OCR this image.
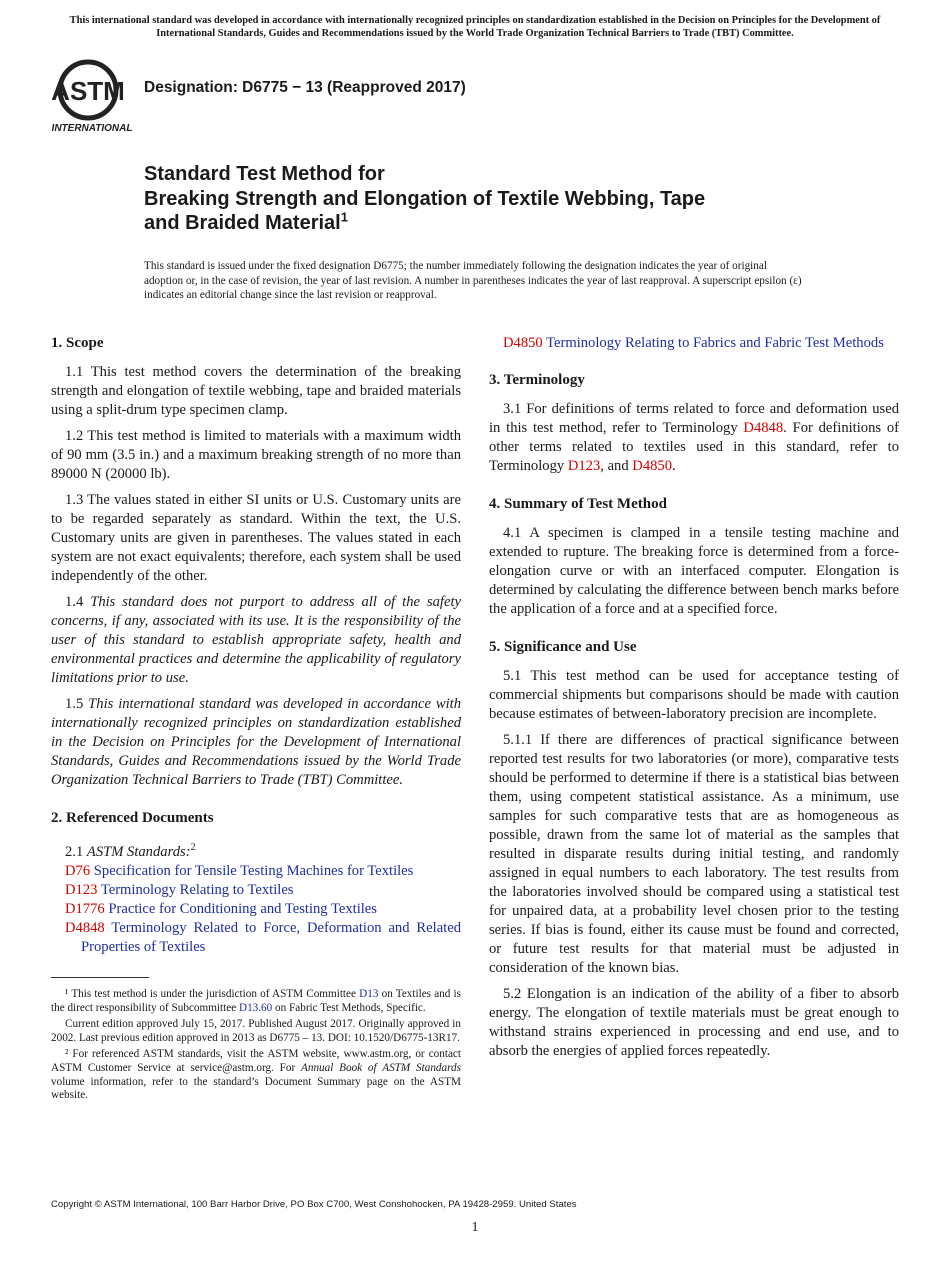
This international standard was developed in accordance with internationally recognized principles on standardization established in the Decision on Principles for the Development of International Standards, Guides and Recommendations issued by the World Trade Organization Technical Barriers to Trade (TBT) Committee.
ASTM
INTERNATIONAL
Designation: D6775 − 13 (Reapproved 2017)
Standard Test Method for
Breaking Strength and Elongation of Textile Webbing, Tape
and Braided Material$^1$
This standard is issued under the fixed designation D6775; the number immediately following the designation indicates the year of original adoption or, in the case of revision, the year of last revision. A number in parentheses indicates the year of last reapproval. A superscript epsilon (ε) indicates an editorial change since the last revision or reapproval.
1. Scope

1.1 This test method covers the determination of the breaking strength and elongation of textile webbing, tape and braided materials using a split-drum type specimen clamp.

1.2 This test method is limited to materials with a maximum width of 90 mm (3.5 in.) and a maximum breaking strength of no more than 89000 N (20000 lb).

1.3 The values stated in either SI units or U.S. Customary units are to be regarded separately as standard. Within the text, the U.S. Customary units are given in parentheses. The values stated in each system are not exact equivalents; therefore, each system shall be used independently of the other.

1.4 This standard does not purport to address all of the safety concerns, if any, associated with its use. It is the responsibility of the user of this standard to establish appropriate safety, health and environmental practices and determine the applicability of regulatory limitations prior to use.

1.5 This international standard was developed in accordance with internationally recognized principles on standardization established in the Decision on Principles for the Development of International Standards, Guides and Recommendations issued by the World Trade Organization Technical Barriers to Trade (TBT) Committee.

2. Referenced Documents

2.1 ASTM Standards:$^2$

D76 Specification for Tensile Testing Machines for Textiles
D123 Terminology Relating to Textiles
D1776 Practice for Conditioning and Testing Textiles
D4848 Terminology Related to Force, Deformation and Related Properties of Textiles

¹ This test method is under the jurisdiction of ASTM Committee D13 on Textiles and is the direct responsibility of Subcommittee D13.60 on Fabric Test Methods, Specific.

Current edition approved July 15, 2017. Published August 2017. Originally approved in 2002. Last previous edition approved in 2013 as D6775 – 13. DOI: 10.1520/D6775-13R17.

² For referenced ASTM standards, visit the ASTM website, www.astm.org, or contact ASTM Customer Service at service@astm.org. For Annual Book of ASTM Standards volume information, refer to the standard’s Document Summary page on the ASTM website.

D4850 Terminology Relating to Fabrics and Fabric Test Methods
3. Terminology

3.1 For definitions of terms related to force and deformation used in this test method, refer to Terminology D4848. For definitions of other terms related to textiles used in this standard, refer to Terminology D123, and D4850.

4. Summary of Test Method

4.1 A specimen is clamped in a tensile testing machine and extended to rupture. The breaking force is determined from a force-elongation curve or with an interfaced computer. Elongation is determined by calculating the difference between bench marks before the application of a force and at a specified force.

5. Significance and Use

5.1 This test method can be used for acceptance testing of commercial shipments but comparisons should be made with caution because estimates of between-laboratory precision are incomplete.

5.1.1 If there are differences of practical significance between reported test results for two laboratories (or more), comparative tests should be performed to determine if there is a statistical bias between them, using competent statistical assistance. As a minimum, use samples for such comparative tests that are as homogeneous as possible, drawn from the same lot of material as the samples that resulted in disparate results during initial testing, and randomly assigned in equal numbers to each laboratory. The test results from the laboratories involved should be compared using a statistical test for unpaired data, at a probability level chosen prior to the testing series. If bias is found, either its cause must be found and corrected, or future test results for that material must be adjusted in consideration of the known bias.

5.2 Elongation is an indication of the ability of a fiber to absorb energy. The elongation of textile materials must be great enough to withstand strains experienced in processing and end use, and to absorb the energies of applied forces repeatedly.

Copyright © ASTM International, 100 Barr Harbor Drive, PO Box C700, West Conshohocken, PA 19428-2959. United States
1
